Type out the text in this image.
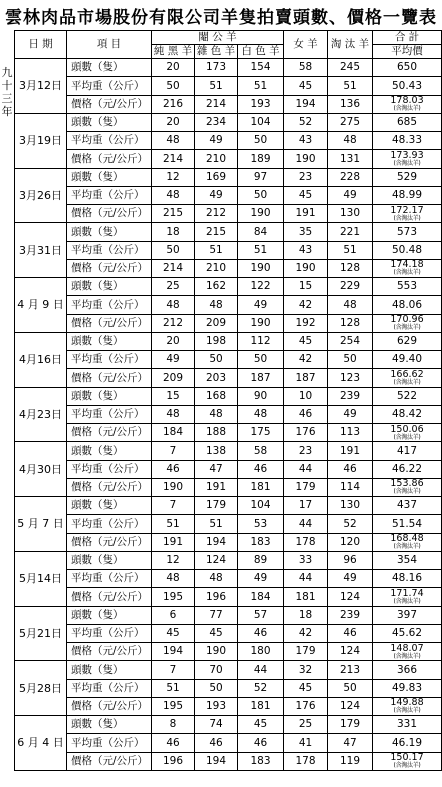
雲林肉品市場股份有限公司羊隻拍賣頭數、價格一覽表
九
十
三
年
日 期	項 目	閹 公 羊			女 羊	淘 汰 羊	合 計
		純 黑 羊	雜 色 羊	白 色 羊			平均價
3月12日	頭數（隻）	20	173	154	58	245	650
	平均重（公斤）	50	51	51	45	51	50.43
	價格（元/公斤）	216	214	193	194	136	178.03
(含淘汰羊)

3月19日	頭數（隻）	20	234	104	52	275	685
	平均重（公斤）	48	49	50	43	48	48.33
	價格（元/公斤）	214	210	189	190	131	173.93
(含淘汰羊)

3月26日	頭數（隻）	12	169	97	23	228	529
	平均重（公斤）	48	49	50	45	49	48.99
	價格（元/公斤）	215	212	190	191	130	172.17
(含淘汰羊)

3月31日	頭數（隻）	18	215	84	35	221	573
	平均重（公斤）	50	51	51	43	51	50.48
	價格（元/公斤）	214	210	190	190	128	174.18
(含淘汰羊)

4 月 9 日	頭數（隻）	25	162	122	15	229	553
	平均重（公斤）	48	48	49	42	48	48.06
	價格（元/公斤）	212	209	190	192	128	170.96
(含淘汰羊)

4月16日	頭數（隻）	20	198	112	45	254	629
	平均重（公斤）	49	50	50	42	50	49.40
	價格（元/公斤）	209	203	187	187	123	166.62
(含淘汰羊)

4月23日	頭數（隻）	15	168	90	10	239	522
	平均重（公斤）	48	48	48	46	49	48.42
	價格（元/公斤）	184	188	175	176	113	150.06
(含淘汰羊)

4月30日	頭數（隻）	7	138	58	23	191	417
	平均重（公斤）	46	47	46	44	46	46.22
	價格（元/公斤）	190	191	181	179	114	153.86
(含淘汰羊)

5 月 7 日	頭數（隻）	7	179	104	17	130	437
	平均重（公斤）	51	51	53	44	52	51.54
	價格（元/公斤）	191	194	183	178	120	168.48
(含淘汰羊)

5月14日	頭數（隻）	12	124	89	33	96	354
	平均重（公斤）	48	48	49	44	49	48.16
	價格（元/公斤）	195	196	184	181	124	171.74
(含淘汰羊)

5月21日	頭數（隻）	6	77	57	18	239	397
	平均重（公斤）	45	45	46	42	46	45.62
	價格（元/公斤）	194	190	180	179	124	148.07
(含淘汰羊)

5月28日	頭數（隻）	7	70	44	32	213	366
	平均重（公斤）	51	50	52	45	50	49.83
	價格（元/公斤）	195	193	181	176	124	149.88
(含淘汰羊)

6 月 4 日	頭數（隻）	8	74	45	25	179	331
	平均重（公斤）	46	46	46	41	47	46.19
	價格（元/公斤）	196	194	183	178	119	150.17
(含淘汰羊)
